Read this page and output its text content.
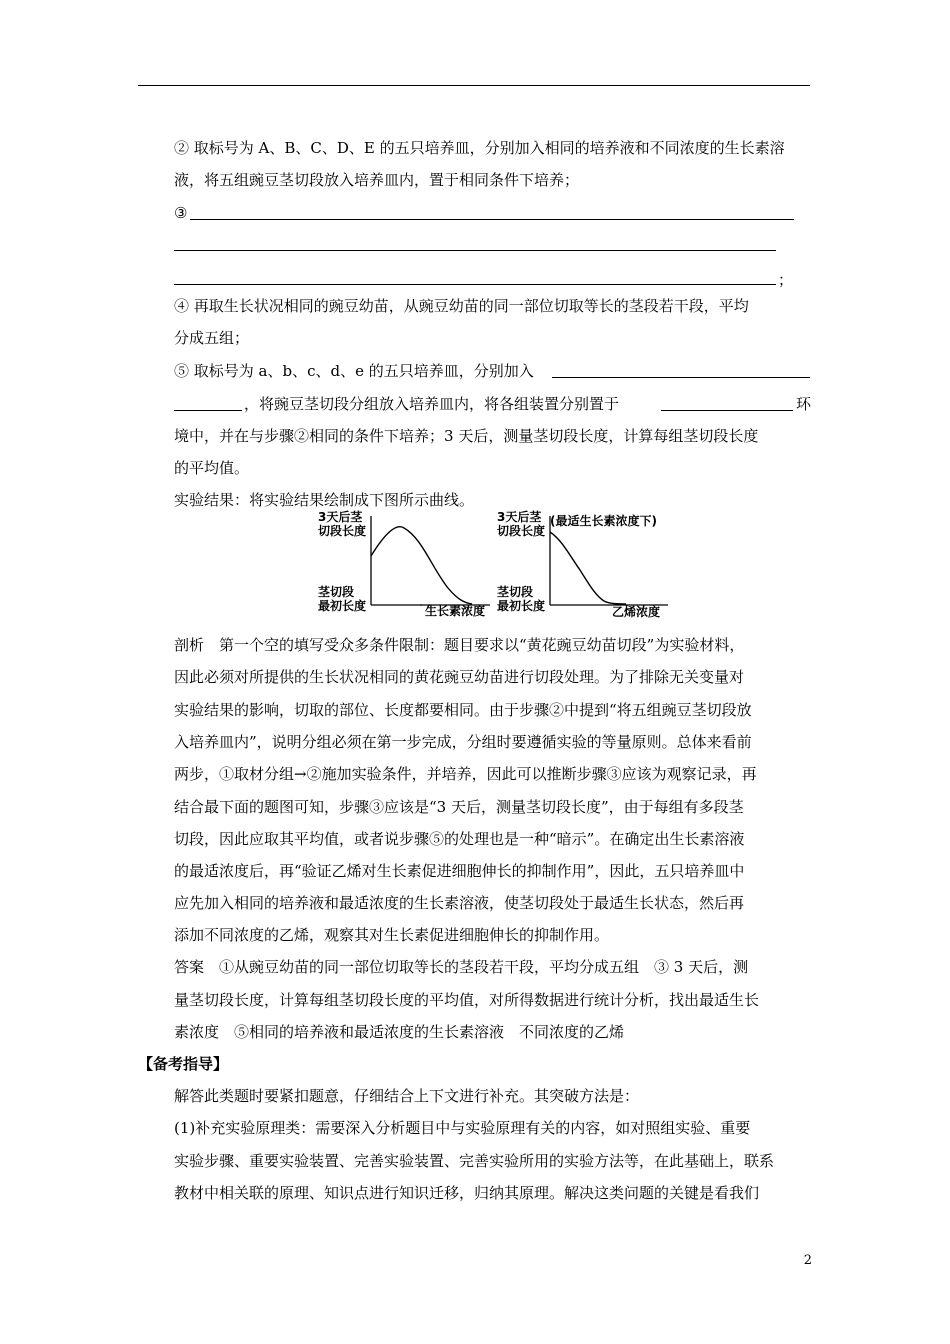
② 取标号为 A、B、C、D、E 的五只培养皿，分别加入相同的培养液和不同浓度的生长素溶
液，将五组豌豆茎切段放入培养皿内，置于相同条件下培养；
③
；
④ 再取生长状况相同的豌豆幼苗，从豌豆幼苗的同一部位切取等长的茎段若干段，平均
分成五组；
⑤ 取标号为 a、b、c、d、e 的五只培养皿，分别加入
，将豌豆茎切段分组放入培养皿内，将各组装置分别置于	环
境中，并在与步骤②相同的条件下培养；3 天后，测量茎切段长度，计算每组茎切段长度
的平均值。
实验结果：将实验结果绘制成下图所示曲线。
3天后茎
切段长度
茎切段
最初长度	生长素浓度
3天后茎
切段长度
(最适生长素浓度下)
茎切段
最初长度	乙烯浓度
剖析　第一个空的填写受众多条件限制：题目要求以“黄花豌豆幼苗切段”为实验材料，
因此必须对所提供的生长状况相同的黄花豌豆幼苗进行切段处理。为了排除无关变量对
实验结果的影响，切取的部位、长度都要相同。由于步骤②中提到“将五组豌豆茎切段放
入培养皿内”，说明分组必须在第一步完成，分组时要遵循实验的等量原则。总体来看前
两步，①取材分组→②施加实验条件，并培养，因此可以推断步骤③应该为观察记录，再
结合最下面的题图可知，步骤③应该是“3 天后，测量茎切段长度”，由于每组有多段茎
切段，因此应取其平均值，或者说步骤⑤的处理也是一种“暗示”。在确定出生长素溶液
的最适浓度后，再“验证乙烯对生长素促进细胞伸长的抑制作用”，因此，五只培养皿中
应先加入相同的培养液和最适浓度的生长素溶液，使茎切段处于最适生长状态，然后再
添加不同浓度的乙烯，观察其对生长素促进细胞伸长的抑制作用。
答案　①从豌豆幼苗的同一部位切取等长的茎段若干段，平均分成五组　③ 3 天后，测
量茎切段长度，计算每组茎切段长度的平均值，对所得数据进行统计分析，找出最适生长
素浓度　⑤相同的培养液和最适浓度的生长素溶液　不同浓度的乙烯
【备考指导】
解答此类题时要紧扣题意，仔细结合上下文进行补充。其突破方法是：
(1)补充实验原理类：需要深入分析题目中与实验原理有关的内容，如对照组实验、重要
实验步骤、重要实验装置、完善实验装置、完善实验所用的实验方法等，在此基础上，联系
教材中相关联的原理、知识点进行知识迁移，归纳其原理。解决这类问题的关键是看我们
2
